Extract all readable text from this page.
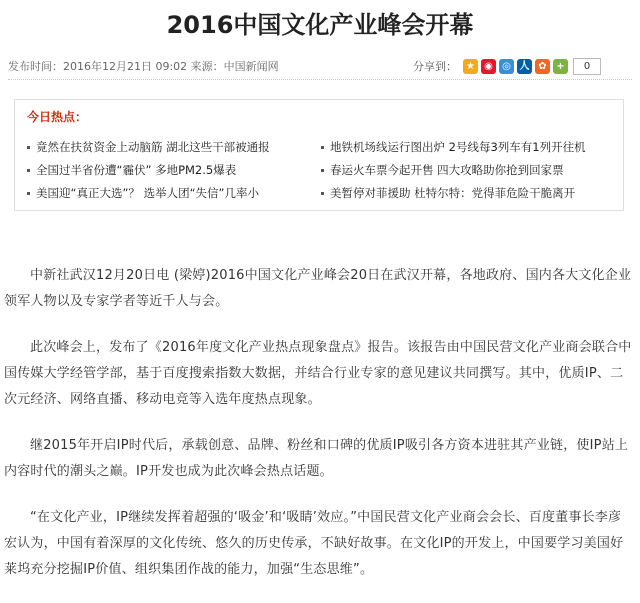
2016中国文化产业峰会开幕
发布时间：2016年12月21日 09:02 来源：中国新闻网	分享到： ★ ◉ ◎ 人 ✿ +	0
今日热点：
竟然在扶贫资金上动脑筋 湖北这些干部被通报
全国过半省份遭“霾伏” 多地PM2.5爆表
美国迎“真正大选”？ 选举人团“失信”几率小
地铁机场线运行图出炉 2号线每3列车有1列开往机
春运火车票今起开售 四大攻略助你抢到回家票
美暂停对菲援助 杜特尔特：党得菲危险干脆离开

中新社武汉12月20日电 (梁婷)2016中国文化产业峰会20日在武汉开幕，各地政府、国内各大文化企业领军人物以及专家学者等近千人与会。

此次峰会上，发布了《2016年度文化产业热点现象盘点》报告。该报告由中国民营文化产业商会联合中国传媒大学经管学部，基于百度搜索指数大数据，并结合行业专家的意见建议共同撰写。其中，优质IP、二次元经济、网络直播、移动电竞等入选年度热点现象。

继2015年开启IP时代后，承载创意、品牌、粉丝和口碑的优质IP吸引各方资本进驻其产业链，使IP站上内容时代的潮头之巅。IP开发也成为此次峰会热点话题。

“在文化产业，IP继续发挥着超强的‘吸金’和‘吸睛’效应。”中国民营文化产业商会会长、百度董事长李彦宏认为，中国有着深厚的文化传统、悠久的历史传承，不缺好故事。在文化IP的开发上，中国要学习美国好莱坞充分挖掘IP价值、组织集团作战的能力，加强“生态思维”。
